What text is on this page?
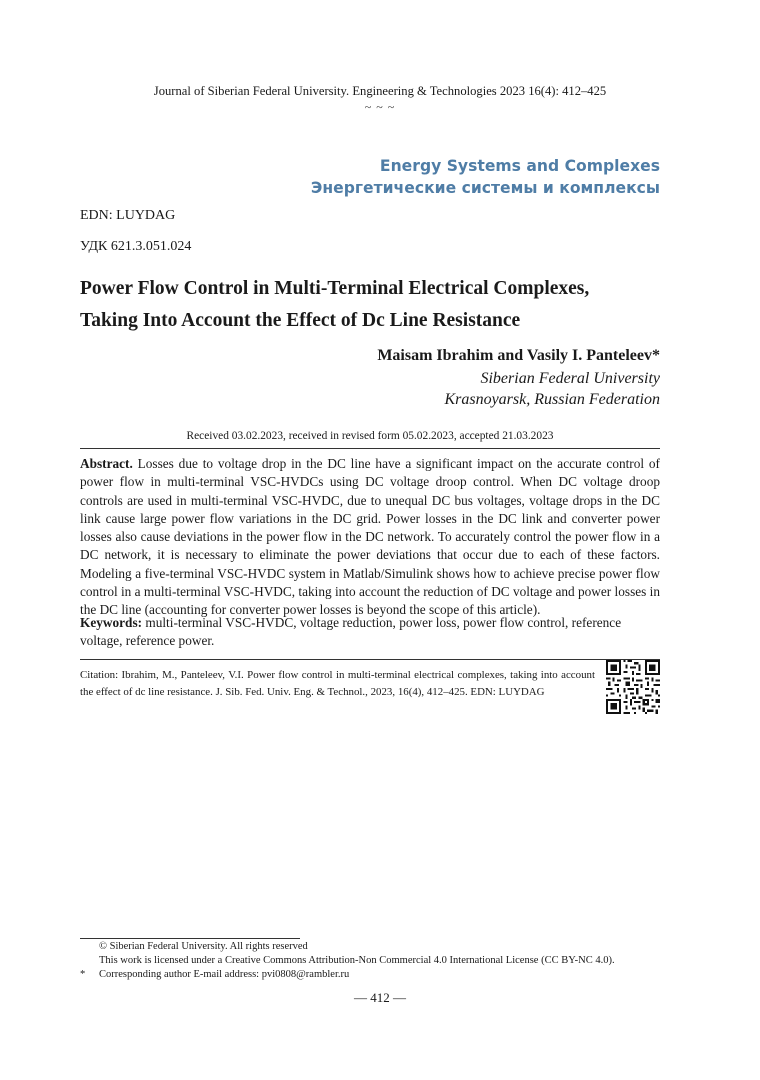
Journal of Siberian Federal University. Engineering & Technologies 2023 16(4): 412–425
~ ~ ~
Energy Systems and Complexes
Энергетические системы и комплексы
EDN: LUYDAG
УДК 621.3.051.024
Power Flow Control in Multi-Terminal Electrical Complexes,
Taking Into Account the Effect of Dc Line Resistance
Maisam Ibrahim and Vasily I. Panteleev*
Siberian Federal University
Krasnoyarsk, Russian Federation
Received 03.02.2023, received in revised form 05.02.2023, accepted 21.03.2023
Abstract. Losses due to voltage drop in the DC line have a significant impact on the accurate control of power flow in multi-terminal VSC-HVDCs using DC voltage droop control. When DC voltage droop controls are used in multi-terminal VSC-HVDC, due to unequal DC bus voltages, voltage drops in the DC link cause large power flow variations in the DC grid. Power losses in the DC link and converter power losses also cause deviations in the power flow in the DC network. To accurately control the power flow in a DC network, it is necessary to eliminate the power deviations that occur due to each of these factors. Modeling a five-terminal VSC-HVDC system in Matlab/Simulink shows how to achieve precise power flow control in a multi-terminal VSC-HVDC, taking into account the reduction of DC voltage and power losses in the DC line (accounting for converter power losses is beyond the scope of this article).
Keywords: multi-terminal VSC-HVDC, voltage reduction, power loss, power flow control, reference voltage, reference power.
Citation: Ibrahim, M., Panteleev, V.I. Power flow control in multi-terminal electrical complexes, taking into account the effect of dc line resistance. J. Sib. Fed. Univ. Eng. & Technol., 2023, 16(4), 412–425. EDN: LUYDAG
© Siberian Federal University. All rights reserved
This work is licensed under a Creative Commons Attribution-Non Commercial 4.0 International License (CC BY-NC 4.0).
* Corresponding author E-mail address: pvi0808@rambler.ru
— 412 —
